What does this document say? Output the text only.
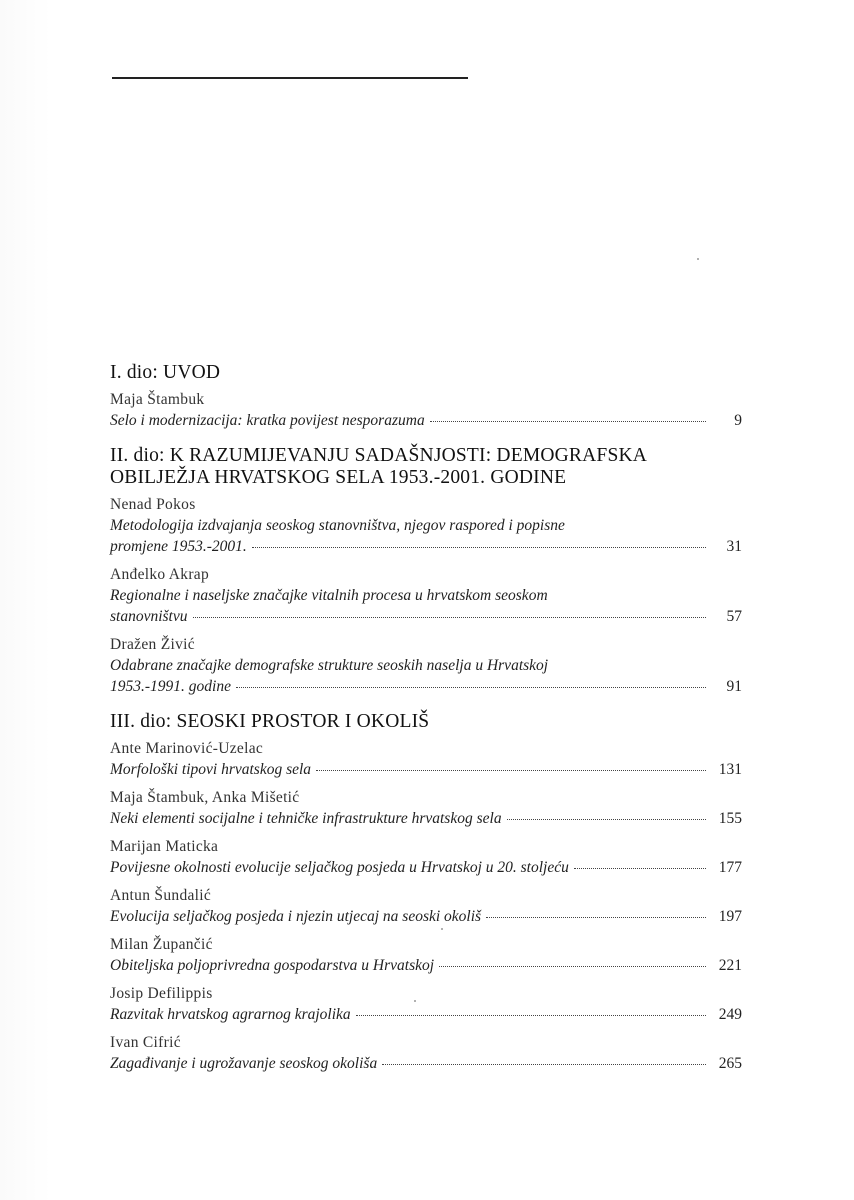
I. dio: UVOD
Maja Štambuk
Selo i modernizacija: kratka povijest nesporazuma	9
II. dio: K RAZUMIJEVANJU SADAŠNJOSTI: DEMOGRAFSKA
OBILJEŽJA HRVATSKOG SELA 1953.-2001. GODINE
Nenad Pokos
Metodologija izdvajanja seoskog stanovništva, njegov raspored i popisne
promjene 1953.-2001.	31
Anđelko Akrap
Regionalne i naseljske značajke vitalnih procesa u hrvatskom seoskom
stanovništvu	57
Dražen Živić
Odabrane značajke demografske strukture seoskih naselja u Hrvatskoj
1953.-1991. godine	91
III. dio: SEOSKI PROSTOR I OKOLIŠ
Ante Marinović-Uzelac
Morfološki tipovi hrvatskog sela	131
Maja Štambuk, Anka Mišetić
Neki elementi socijalne i tehničke infrastrukture hrvatskog sela	155
Marijan Maticka
Povijesne okolnosti evolucije seljačkog posjeda u Hrvatskoj u 20. stoljeću	177
Antun Šundalić
Evolucija seljačkog posjeda i njezin utjecaj na seoski okoliš	197
Milan Župančić
Obiteljska poljoprivredna gospodarstva u Hrvatskoj	221
Josip Defilippis
Razvitak hrvatskog agrarnog krajolika	249
Ivan Cifrić
Zagađivanje i ugrožavanje seoskog okoliša	265
